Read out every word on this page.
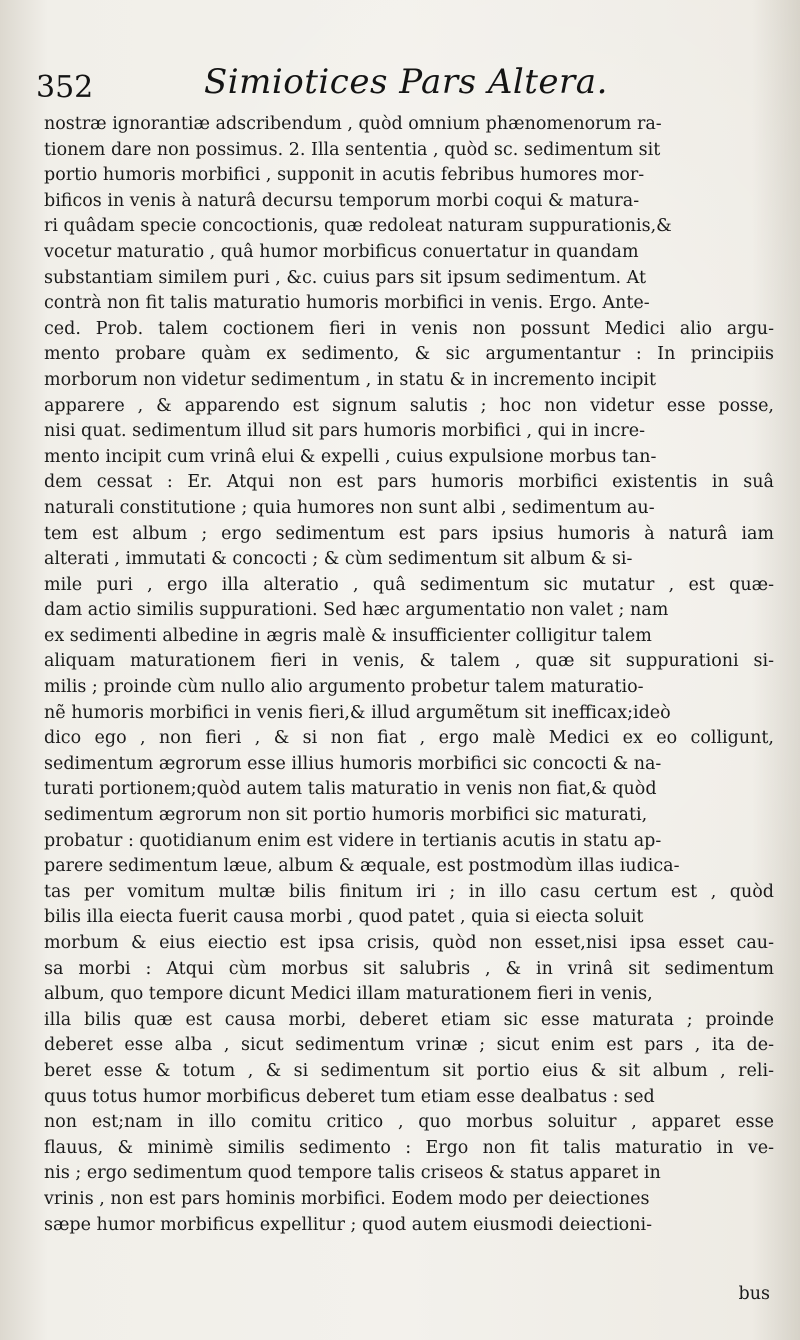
352	Simiotices Pars Altera.
nostræ ignorantiæ adscribendum , quòd omnium phænomenorum ra-
tionem dare non possimus. 2. Illa sententia , quòd sc. sedimentum sit
portio humoris morbifici , supponit in acutis febribus humores mor-
bificos in venis à naturâ decursu temporum morbi coqui & matura-
ri quâdam specie concoctionis, quæ redoleat naturam suppurationis,&
vocetur maturatio , quâ humor morbificus conuertatur in quandam
substantiam similem puri , &c. cuius pars sit ipsum sedimentum. At
contrà non fit talis maturatio humoris morbifici in venis. Ergo. Ante-
ced. Prob. talem coctionem fieri in venis non possunt Medici alio argu-
mento probare quàm ex sedimento, & sic argumentantur : In principiis
morborum non videtur sedimentum , in statu & in incremento incipit
apparere , & apparendo est signum salutis ; hoc non videtur esse posse,
nisi quat. sedimentum illud sit pars humoris morbifici , qui in incre-
mento incipit cum vrinâ elui & expelli , cuius expulsione morbus tan-
dem cessat : Er. Atqui non est pars humoris morbifici existentis in suâ
naturali constitutione ; quia humores non sunt albi , sedimentum au-
tem est album ; ergo sedimentum est pars ipsius humoris à naturâ iam
alterati , immutati & concocti ; & cùm sedimentum sit album & si-
mile puri , ergo illa alteratio , quâ sedimentum sic mutatur , est quæ-
dam actio similis suppurationi. Sed hæc argumentatio non valet ; nam
ex sedimenti albedine in ægris malè & insufficienter colligitur talem
aliquam maturationem fieri in venis, & talem , quæ sit suppurationi si-
milis ; proinde cùm nullo alio argumento probetur talem maturatio-
nẽ humoris morbifici in venis fieri,& illud argumẽtum sit inefficax;ideò
dico ego , non fieri , & si non fiat , ergo malè Medici ex eo colligunt,
sedimentum ægrorum esse illius humoris morbifici sic concocti & na-
turati portionem;quòd autem talis maturatio in venis non fiat,& quòd
sedimentum ægrorum non sit portio humoris morbifici sic maturati,
probatur : quotidianum enim est videre in tertianis acutis in statu ap-
parere sedimentum læue, album & æquale, est postmodùm illas iudica-
tas per vomitum multæ bilis finitum iri ; in illo casu certum est , quòd
bilis illa eiecta fuerit causa morbi , quod patet , quia si eiecta soluit
morbum & eius eiectio est ipsa crisis, quòd non esset,nisi ipsa esset cau-
sa morbi : Atqui cùm morbus sit salubris , & in vrinâ sit sedimentum
album, quo tempore dicunt Medici illam maturationem fieri in venis,
illa bilis quæ est causa morbi, deberet etiam sic esse maturata ; proinde
deberet esse alba , sicut sedimentum vrinæ ; sicut enim est pars , ita de-
beret esse & totum , & si sedimentum sit portio eius & sit album , reli-
quus totus humor morbificus deberet tum etiam esse dealbatus : sed
non est;nam in illo comitu critico , quo morbus soluitur , apparet esse
flauus, & minimè similis sedimento : Ergo non fit talis maturatio in ve-
nis ; ergo sedimentum quod tempore talis criseos & status apparet in
vrinis , non est pars hominis morbifici. Eodem modo per deiectiones
sæpe humor morbificus expellitur ; quod autem eiusmodi deiectioni-
bus
